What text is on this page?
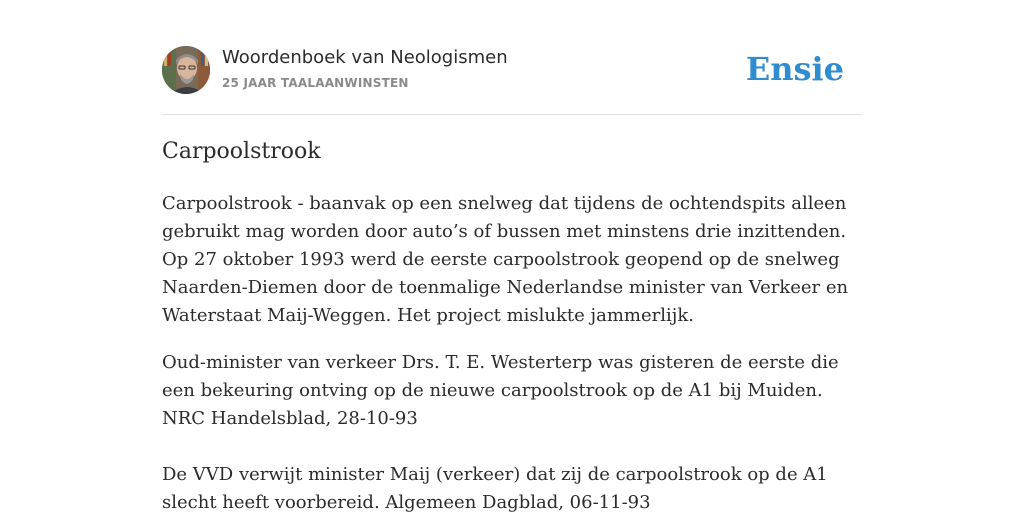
Woordenboek van Neologismen
25 JAAR TAALAANWINSTEN	Ensie
Carpoolstrook

Carpoolstrook - baanvak op een snelweg dat tijdens de ochtendspits alleen gebruikt mag worden door auto’s of bussen met minstens drie inzittenden. Op 27 oktober 1993 werd de eerste carpoolstrook geopend op de snelweg Naarden-Diemen door de toenmalige Nederlandse minister van Verkeer en Waterstaat Maij-Weggen. Het project mislukte jammerlijk.

Oud-minister van verkeer Drs. T. E. Westerterp was gisteren de eerste die een bekeuring ontving op de nieuwe carpoolstrook op de A1 bij Muiden. NRC Handelsblad, 28-10-93

De VVD verwijt minister Maij (verkeer) dat zij de carpoolstrook op de A1 slecht heeft voorbereid. Algemeen Dagblad, 06-11-93
